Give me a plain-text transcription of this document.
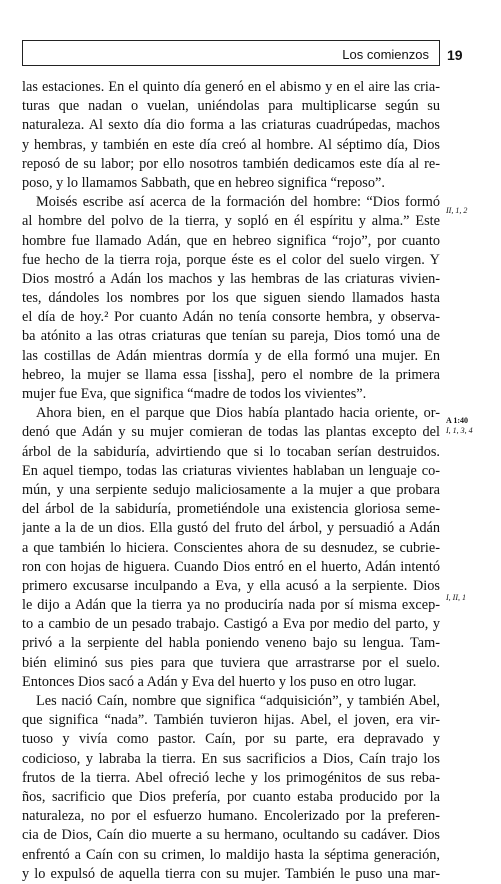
Los comienzos 19
las estaciones. En el quinto día generó en el abismo y en el aire las cria-
turas que nadan o vuelan, uniéndolas para multiplicarse según su
naturaleza. Al sexto día dio forma a las criaturas cuadrúpedas, machos
y hembras, y también en este día creó al hombre. Al séptimo día, Dios
reposó de su labor; por ello nosotros también dedicamos este día al re-
poso, y lo llamamos Sabbath, que en hebreo significa “reposo”.
Moisés escribe así acerca de la formación del hombre: “Dios formó
al hombre del polvo de la tierra, y sopló en él espíritu y alma.” Este
hombre fue llamado Adán, que en hebreo significa “rojo”, por cuanto
fue hecho de la tierra roja, porque éste es el color del suelo virgen. Y
Dios mostró a Adán los machos y las hembras de las criaturas vivien-
tes, dándoles los nombres por los que siguen siendo llamados hasta
el día de hoy.² Por cuanto Adán no tenía consorte hembra, y observa-
ba atónito a las otras criaturas que tenían su pareja, Dios tomó una de
las costillas de Adán mientras dormía y de ella formó una mujer. En
hebreo, la mujer se llama essa [issha], pero el nombre de la primera
mujer fue Eva, que significa “madre de todos los vivientes”.
Ahora bien, en el parque que Dios había plantado hacia oriente, or-
denó que Adán y su mujer comieran de todas las plantas excepto del
árbol de la sabiduría, advirtiendo que si lo tocaban serían destruidos.
En aquel tiempo, todas las criaturas vivientes hablaban un lenguaje co-
mún, y una serpiente sedujo maliciosamente a la mujer a que probara
del árbol de la sabiduría, prometiéndole una existencia gloriosa seme-
jante a la de un dios. Ella gustó del fruto del árbol, y persuadió a Adán
a que también lo hiciera. Conscientes ahora de su desnudez, se cubrie-
ron con hojas de higuera. Cuando Dios entró en el huerto, Adán intentó
primero excusarse inculpando a Eva, y ella acusó a la serpiente. Dios
le dijo a Adán que la tierra ya no produciría nada por sí misma excep-
to a cambio de un pesado trabajo. Castigó a Eva por medio del parto, y
privó a la serpiente del habla poniendo veneno bajo su lengua. Tam-
bién eliminó sus pies para que tuviera que arrastrarse por el suelo.
Entonces Dios sacó a Adán y Eva del huerto y los puso en otro lugar.
Les nació Caín, nombre que significa “adquisición”, y también Abel,
que significa “nada”. También tuvieron hijas. Abel, el joven, era vir-
tuoso y vivía como pastor. Caín, por su parte, era depravado y
codicioso, y labraba la tierra. En sus sacrificios a Dios, Caín trajo los
frutos de la tierra. Abel ofreció leche y los primogénitos de sus reba-
ños, sacrificio que Dios prefería, por cuanto estaba producido por la
naturaleza, no por el esfuerzo humano. Encolerizado por la preferen-
cia de Dios, Caín dio muerte a su hermano, ocultando su cadáver. Dios
enfrentó a Caín con su crimen, lo maldijo hasta la séptima generación,
y lo expulsó de aquella tierra con su mujer. También le puso una mar-
II, 1, 2
A 1:40
I, 1, 3, 4
I, II, 1
